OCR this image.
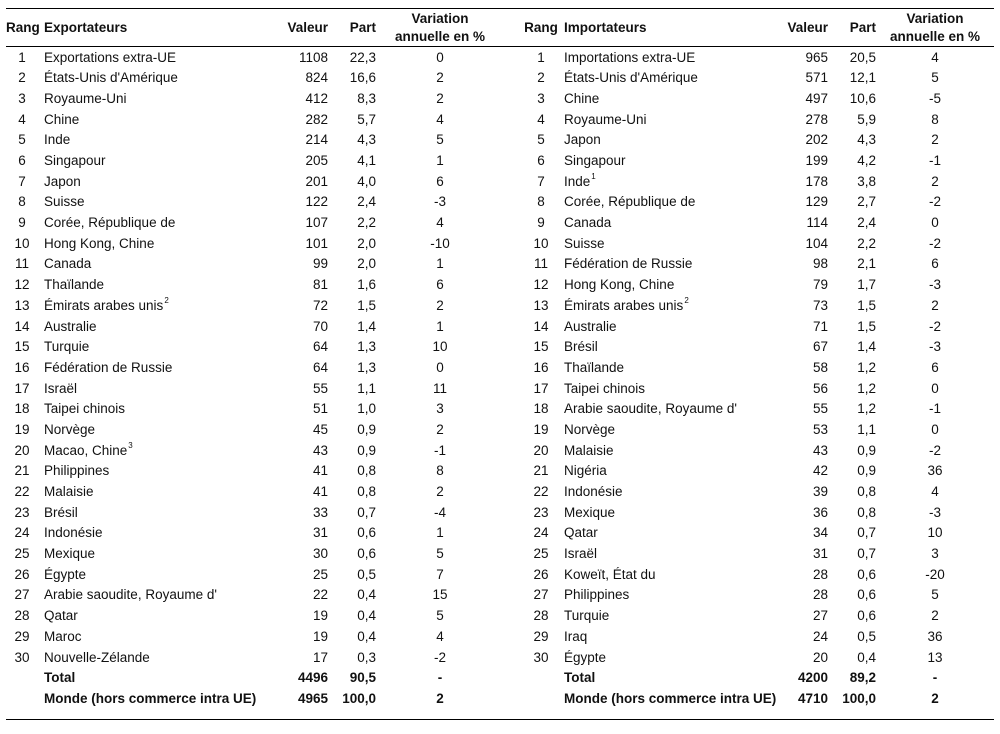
Rang	Exportateurs	Valeur	Part	Variation
annuelle en %
1	Exportations extra-UE	1108	22,3	0
2	États-Unis d'Amérique	824	16,6	2
3	Royaume-Uni	412	8,3	2
4	Chine	282	5,7	4
5	Inde	214	4,3	5
6	Singapour	205	4,1	1
7	Japon	201	4,0	6
8	Suisse	122	2,4	-3
9	Corée, République de	107	2,2	4
10	Hong Kong, Chine	101	2,0	-10
11	Canada	99	2,0	1
12	Thaïlande	81	1,6	6
13	Émirats arabes unis$^2$	72	1,5	2
14	Australie	70	1,4	1
15	Turquie	64	1,3	10
16	Fédération de Russie	64	1,3	0
17	Israël	55	1,1	11
18	Taipei chinois	51	1,0	3
19	Norvège	45	0,9	2
20	Macao, Chine$^3$	43	0,9	-1
21	Philippines	41	0,8	8
22	Malaisie	41	0,8	2
23	Brésil	33	0,7	-4
24	Indonésie	31	0,6	1
25	Mexique	30	0,6	5
26	Égypte	25	0,5	7
27	Arabie saoudite, Royaume d'	22	0,4	15
28	Qatar	19	0,4	5
29	Maroc	19	0,4	4
30	Nouvelle-Zélande	17	0,3	-2
	Total	4496	90,5	-
	Monde (hors commerce intra UE)	4965	100,0	2
Rang	Importateurs	Valeur	Part	Variation
annuelle en %
1	Importations extra-UE	965	20,5	4
2	États-Unis d'Amérique	571	12,1	5
3	Chine	497	10,6	-5
4	Royaume-Uni	278	5,9	8
5	Japon	202	4,3	2
6	Singapour	199	4,2	-1
7	Inde$^1$	178	3,8	2
8	Corée, République de	129	2,7	-2
9	Canada	114	2,4	0
10	Suisse	104	2,2	-2
11	Fédération de Russie	98	2,1	6
12	Hong Kong, Chine	79	1,7	-3
13	Émirats arabes unis$^2$	73	1,5	2
14	Australie	71	1,5	-2
15	Brésil	67	1,4	-3
16	Thaïlande	58	1,2	6
17	Taipei chinois	56	1,2	0
18	Arabie saoudite, Royaume d'	55	1,2	-1
19	Norvège	53	1,1	0
20	Malaisie	43	0,9	-2
21	Nigéria	42	0,9	36
22	Indonésie	39	0,8	4
23	Mexique	36	0,8	-3
24	Qatar	34	0,7	10
25	Israël	31	0,7	3
26	Koweït, État du	28	0,6	-20
27	Philippines	28	0,6	5
28	Turquie	27	0,6	2
29	Iraq	24	0,5	36
30	Égypte	20	0,4	13
	Total	4200	89,2	-
	Monde (hors commerce intra UE)	4710	100,0	2
